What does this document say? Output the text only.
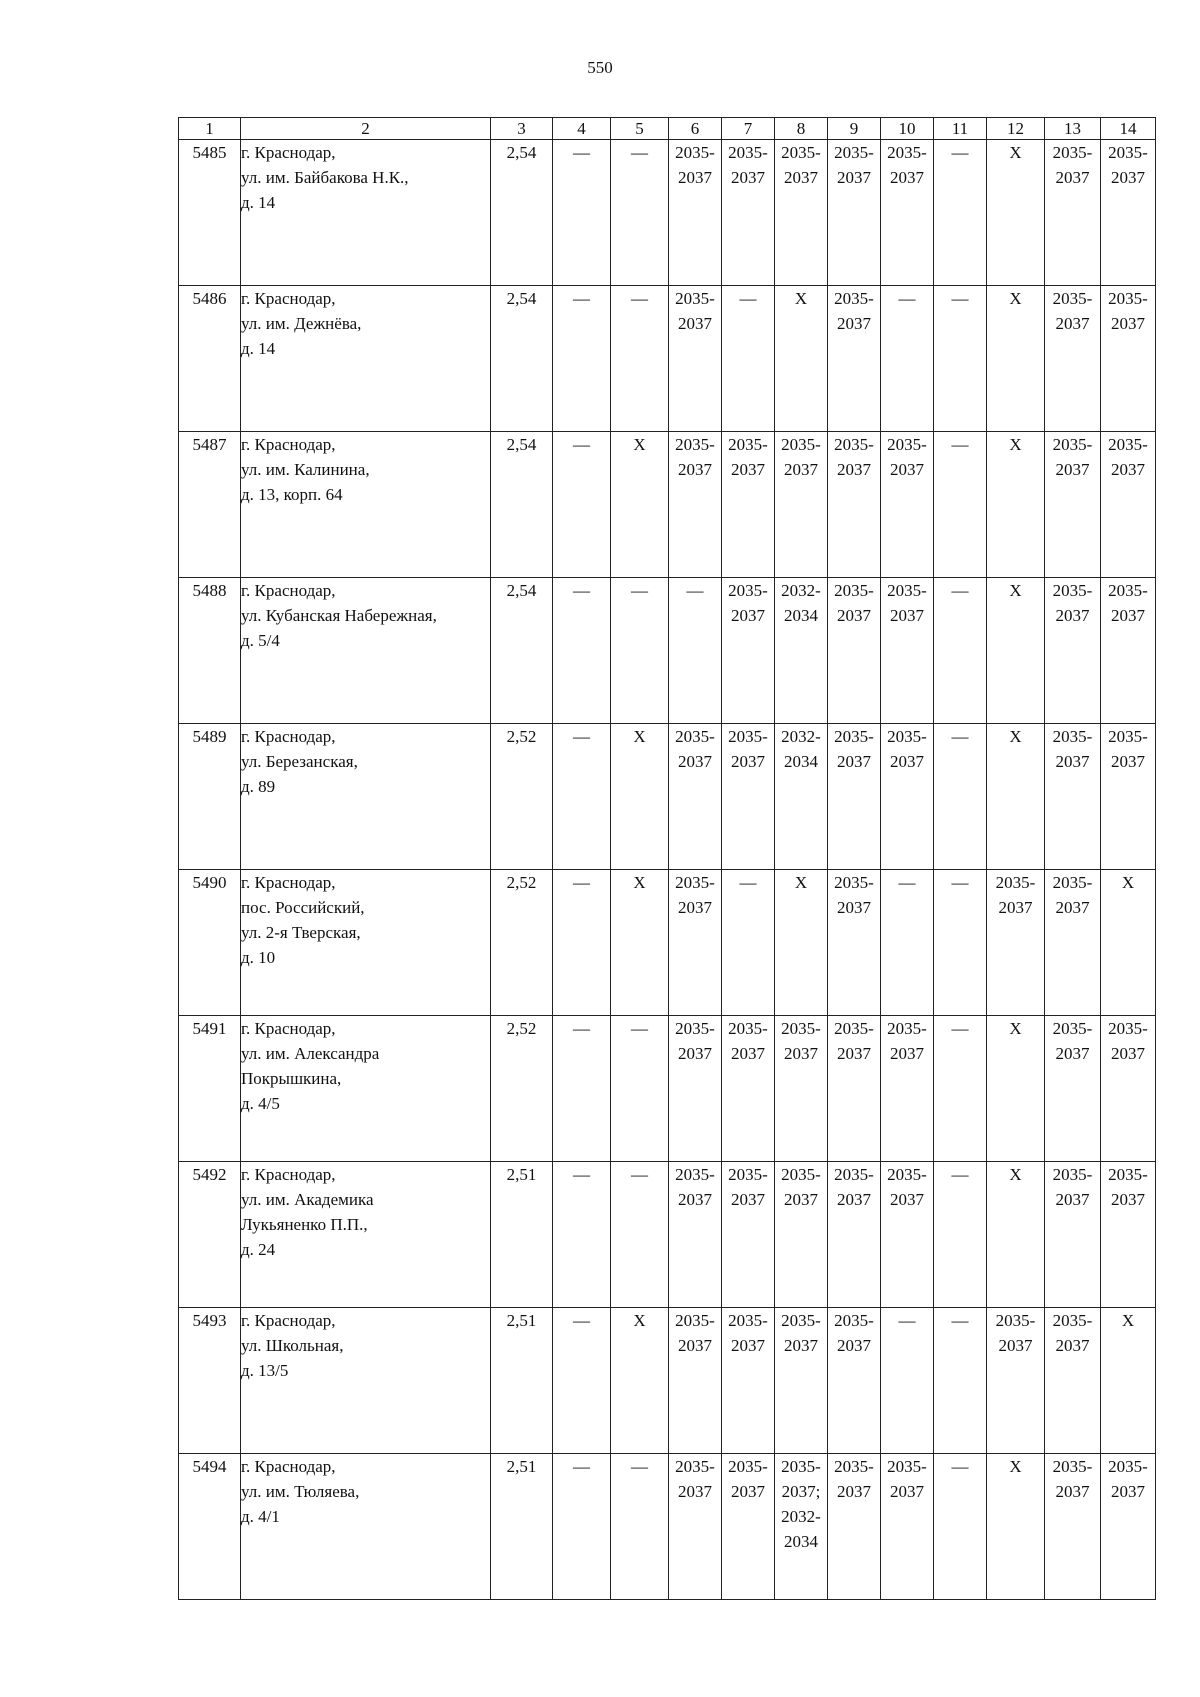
550
1	2	3	4	5	6	7	8	9	10	11	12	13	14
5485	г. Краснодар,
ул. им. Байбакова Н.К.,
д. 14	2,54	—	—	2035-
2037	2035-
2037	2035-
2037	2035-
2037	2035-
2037	—	X	2035-
2037	2035-
2037

5486	г. Краснодар,
ул. им. Дежнёва,
д. 14	2,54	—	—	2035-
2037	—	X	2035-
2037	—	—	X	2035-
2037	2035-
2037

5487	г. Краснодар,
ул. им. Калинина,
д. 13, корп. 64	2,54	—	X	2035-
2037	2035-
2037	2035-
2037	2035-
2037	2035-
2037	—	X	2035-
2037	2035-
2037

5488	г. Краснодар,
ул. Кубанская Набережная,
д. 5/4	2,54	—	—	—	2035-
2037	2032-
2034	2035-
2037	2035-
2037	—	X	2035-
2037	2035-
2037

5489	г. Краснодар,
ул. Березанская,
д. 89	2,52	—	X	2035-
2037	2035-
2037	2032-
2034	2035-
2037	2035-
2037	—	X	2035-
2037	2035-
2037

5490	г. Краснодар,
пос. Российский,
ул. 2-я Тверская,
д. 10	2,52	—	X	2035-
2037	—	X	2035-
2037	—	—	2035-
2037	2035-
2037	X

5491	г. Краснодар,
ул. им. Александра
Покрышкина,
д. 4/5	2,52	—	—	2035-
2037	2035-
2037	2035-
2037	2035-
2037	2035-
2037	—	X	2035-
2037	2035-
2037

5492	г. Краснодар,
ул. им. Академика
Лукьяненко П.П.,
д. 24	2,51	—	—	2035-
2037	2035-
2037	2035-
2037	2035-
2037	2035-
2037	—	X	2035-
2037	2035-
2037

5493	г. Краснодар,
ул. Школьная,
д. 13/5	2,51	—	X	2035-
2037	2035-
2037	2035-
2037	2035-
2037	—	—	2035-
2037	2035-
2037	X

5494	г. Краснодар,
ул. им. Тюляева,
д. 4/1	2,51	—	—	2035-
2037	2035-
2037	2035-
2037;
2032-
2034	2035-
2037	2035-
2037	—	X	2035-
2037	2035-
2037
